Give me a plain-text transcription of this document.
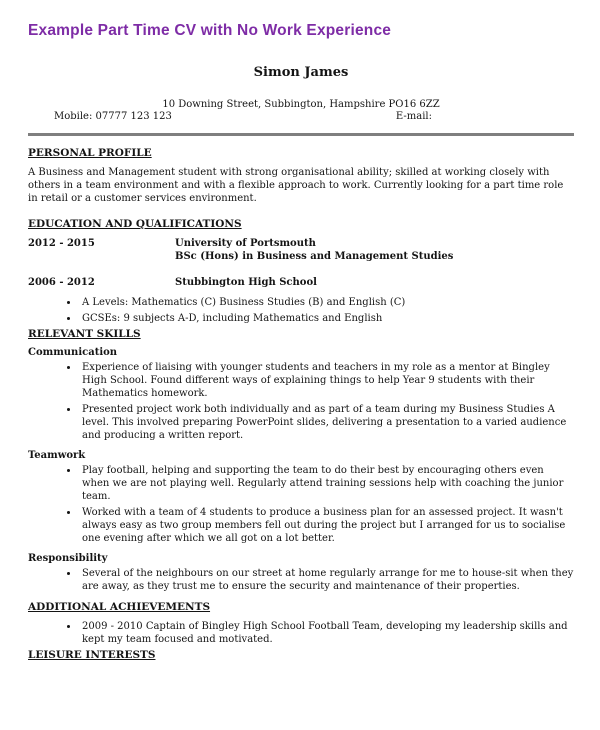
Example Part Time CV with No Work Experience
Simon James
10 Downing Street, Subbington, Hampshire PO16 6ZZ
Mobile: 07777 123 123	E-mail:
PERSONAL PROFILE

A Business and Management student with strong organisational ability; skilled at working closely with others in a team environment and with a flexible approach to work. Currently looking for a part time role in retail or a customer services environment.

EDUCATION AND QUALIFICATIONS
2012 - 2015	University of Portsmouth
BSc (Hons) in Business and Management Studies
2006 - 2012	Stubbington High School
• A Levels: Mathematics (C) Business Studies (B) and English (C)
• GCSEs: 9 subjects A-D, including Mathematics and English
RELEVANT SKILLS
Communication
• Experience of liaising with younger students and teachers in my role as a mentor at Bingley High School. Found different ways of explaining things to help Year 9 students with their Mathematics homework.
• Presented project work both individually and as part of a team during my Business Studies A level. This involved preparing PowerPoint slides, delivering a presentation to a varied audience and producing a written report.
Teamwork
• Play football, helping and supporting the team to do their best by encouraging others even when we are not playing well. Regularly attend training sessions help with coaching the junior team.
• Worked with a team of 4 students to produce a business plan for an assessed project. It wasn't always easy as two group members fell out during the project but I arranged for us to socialise one evening after which we all got on a lot better.
Responsibility
• Several of the neighbours on our street at home regularly arrange for me to house-sit when they are away, as they trust me to ensure the security and maintenance of their properties.
ADDITIONAL ACHIEVEMENTS
• 2009 - 2010 Captain of Bingley High School Football Team, developing my leadership skills and kept my team focused and motivated.
LEISURE INTERESTS
